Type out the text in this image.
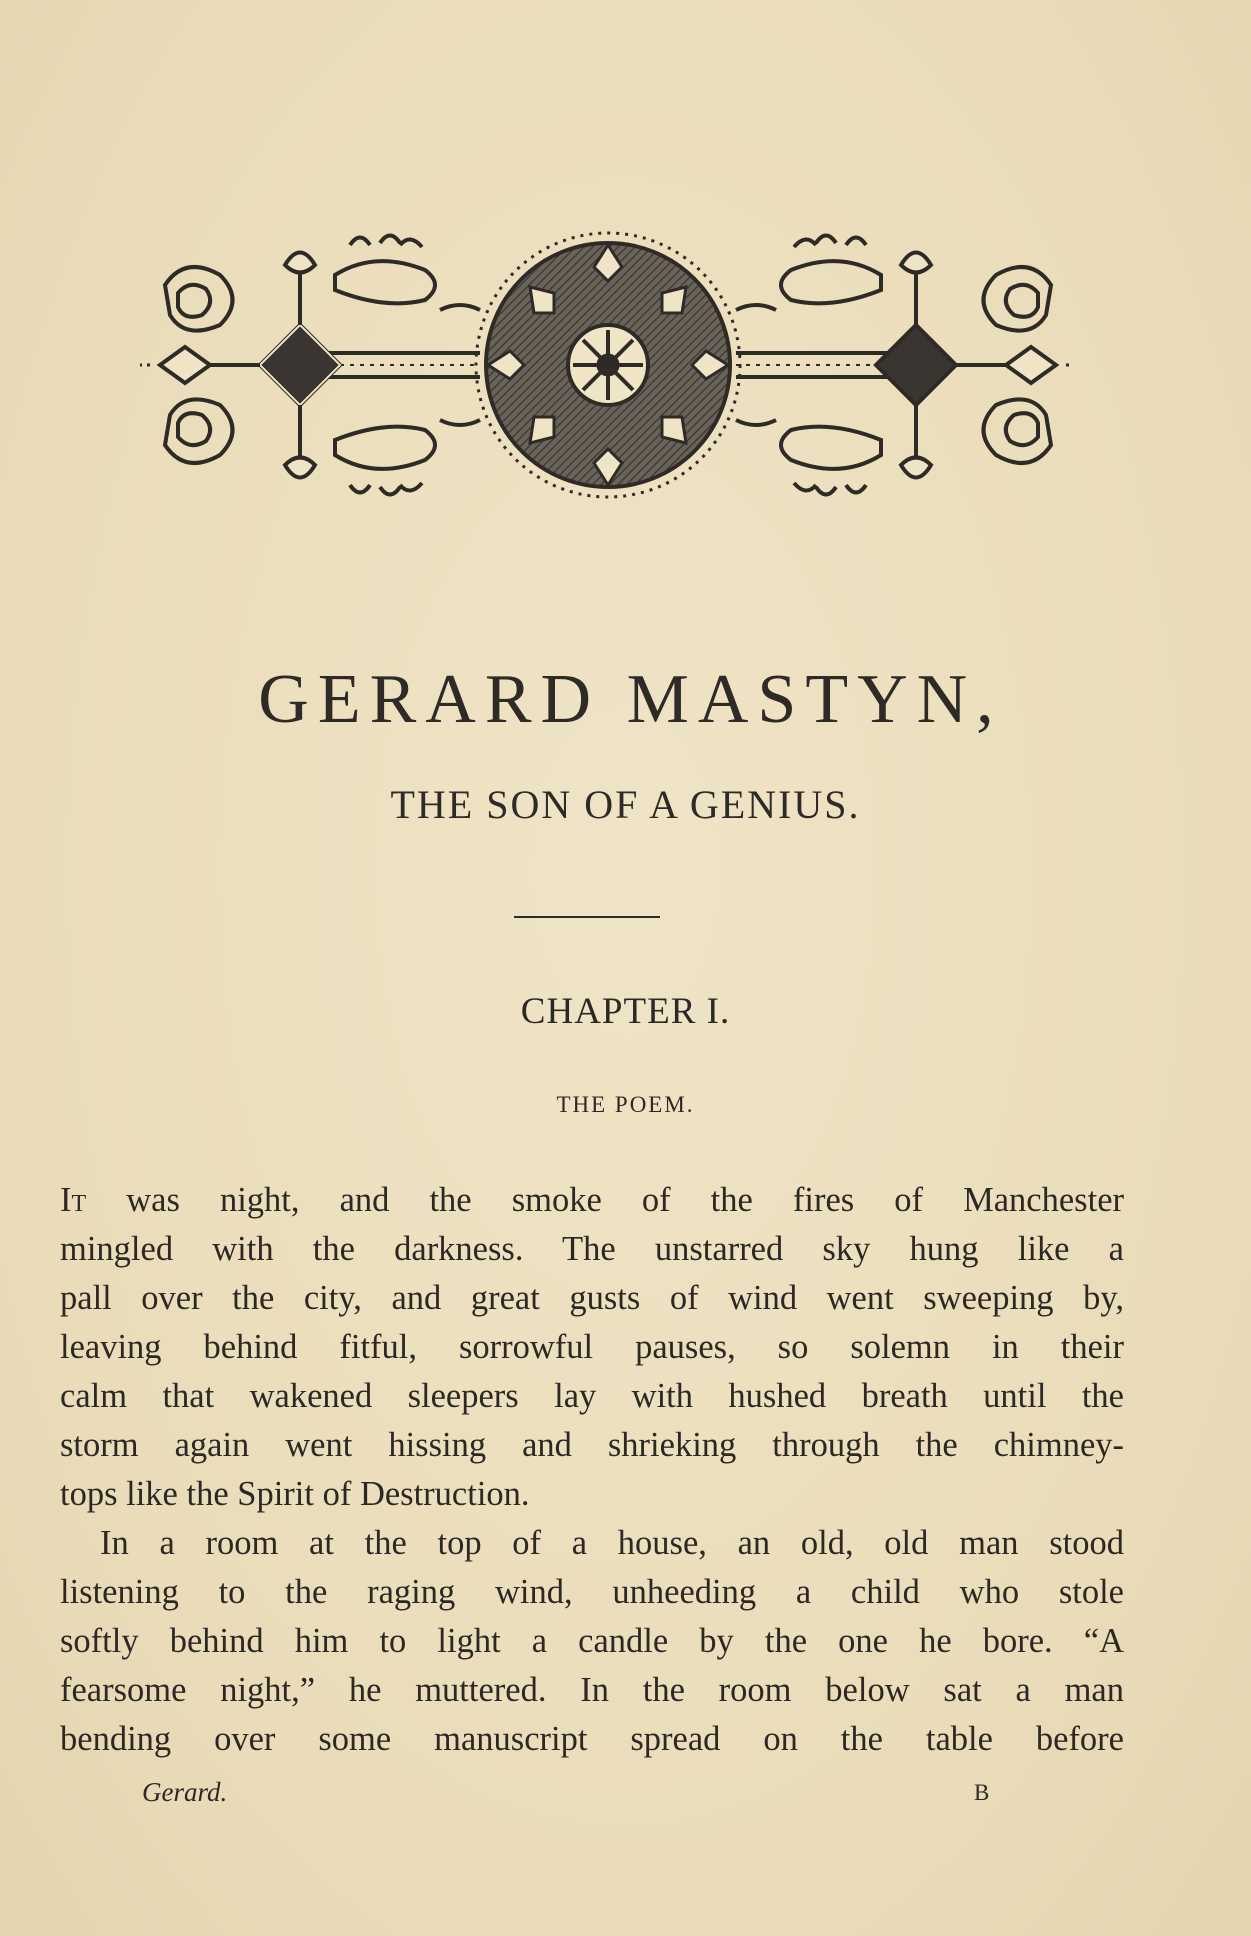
GERARD MASTYN,
THE SON OF A GENIUS.
CHAPTER I.
THE POEM.
It was night, and the smoke of the fires of Manchester
mingled with the darkness. The unstarred sky hung like a
pall over the city, and great gusts of wind went sweeping by,
leaving behind fitful, sorrowful pauses, so solemn in their
calm that wakened sleepers lay with hushed breath until the
storm again went hissing and shrieking through the chimney-
tops like the Spirit of Destruction.
In a room at the top of a house, an old, old man stood
listening to the raging wind, unheeding a child who stole
softly behind him to light a candle by the one he bore. “A
fearsome night,” he muttered. In the room below sat a man
bending over some manuscript spread on the table before
Gerard.	B
